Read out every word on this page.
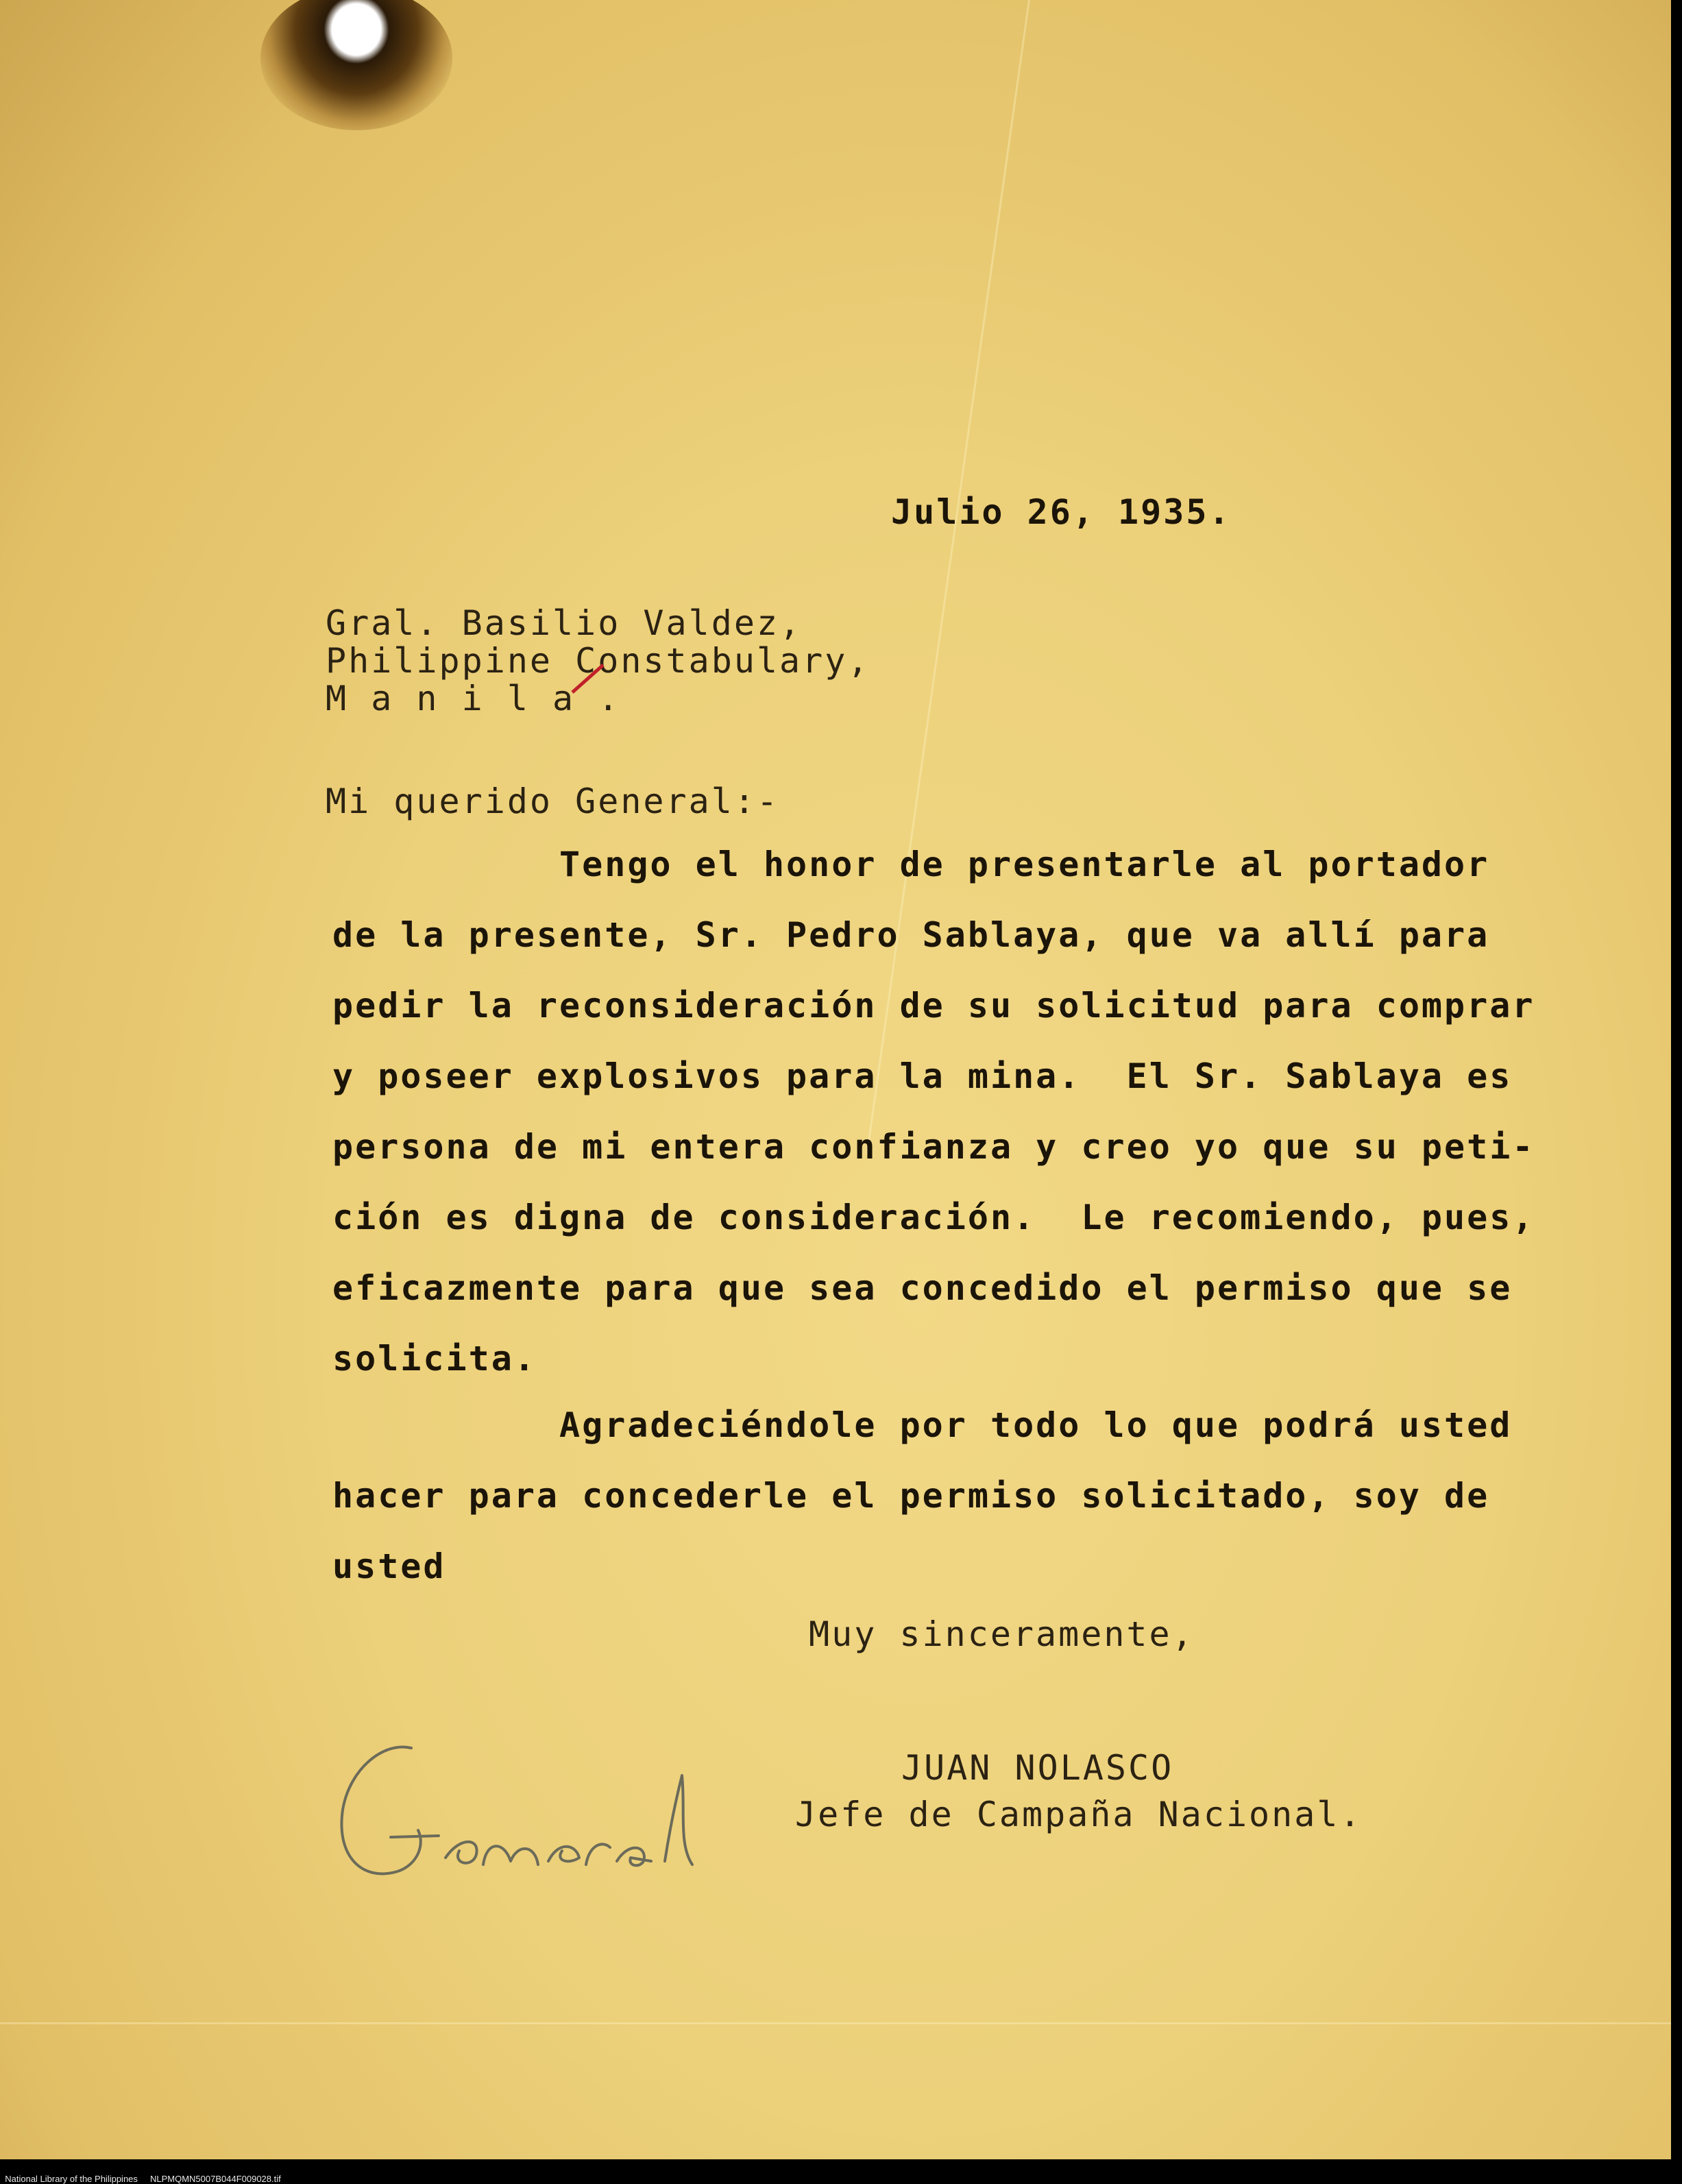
Julio 26, 1935.

Gral. Basilio Valdez,

Philippine Constabulary,

M a n i l a .

Mi querido General:-

Tengo el honor de presentarle al portador

de la presente, Sr. Pedro Sablaya, que va allí para

pedir la reconsideración de su solicitud para comprar

y poseer explosivos para la mina.  El Sr. Sablaya es

persona de mi entera confianza y creo yo que su peti-

ción es digna de consideración.  Le recomiendo, pues,

eficazmente para que sea concedido el permiso que se

solicita.

Agradeciéndole por todo lo que podrá usted

hacer para concederle el permiso solicitado, soy de

usted

Muy sinceramente,

JUAN NOLASCO

Jefe de Campaña Nacional.

National Library of the Philippines NLPMQMN5007B044F009028.tif
